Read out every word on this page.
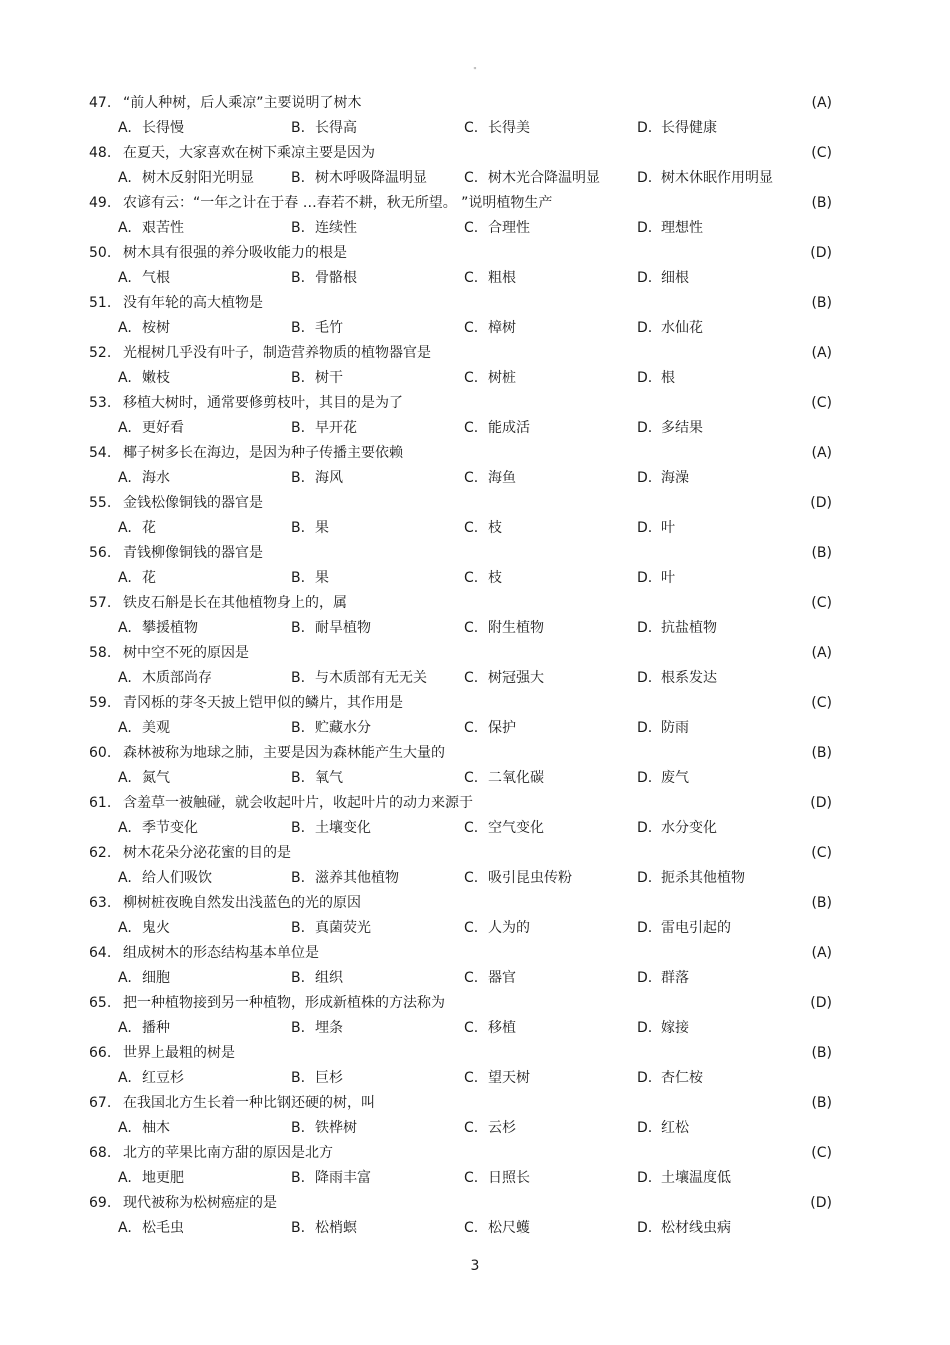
"
47. “前人种树，后人乘凉”主要说明了树木	(A)
A. 长得慢	B. 长得高	C. 长得美	D. 长得健康
48. 在夏天，大家喜欢在树下乘凉主要是因为	(C)
A. 树木反射阳光明显	B. 树木呼吸降温明显	C. 树木光合降温明显	D. 树木休眠作用明显
49. 农谚有云：“一年之计在于春 …春若不耕，秋无所望。 ”说明植物生产	(B)
A. 艰苦性	B. 连续性	C. 合理性	D. 理想性
50. 树木具有很强的养分吸收能力的根是	(D)
A. 气根	B. 骨骼根	C. 粗根	D. 细根
51. 没有年轮的高大植物是	(B)
A. 桉树	B. 毛竹	C. 樟树	D. 水仙花
52. 光棍树几乎没有叶子，制造营养物质的植物器官是	(A)
A. 嫩枝	B. 树干	C. 树桩	D. 根
53. 移植大树时，通常要修剪枝叶，其目的是为了	(C)
A. 更好看	B. 早开花	C. 能成活	D. 多结果
54. 椰子树多长在海边，是因为种子传播主要依赖	(A)
A. 海水	B. 海风	C. 海鱼	D. 海澡
55. 金钱松像铜钱的器官是	(D)
A. 花	B. 果	C. 枝	D. 叶
56. 青钱柳像铜钱的器官是	(B)
A. 花	B. 果	C. 枝	D. 叶
57. 铁皮石斛是长在其他植物身上的，属	(C)
A. 攀援植物	B. 耐旱植物	C. 附生植物	D. 抗盐植物
58. 树中空不死的原因是	(A)
A. 木质部尚存	B. 与木质部有无无关	C. 树冠强大	D. 根系发达
59. 青冈栎的芽冬天披上铠甲似的鳞片，其作用是	(C)
A. 美观	B. 贮藏水分	C. 保护	D. 防雨
60. 森林被称为地球之肺，主要是因为森林能产生大量的	(B)
A. 氮气	B. 氧气	C. 二氧化碳	D. 废气
61. 含羞草一被触碰，就会收起叶片，收起叶片的动力来源于	(D)
A. 季节变化	B. 土壤变化	C. 空气变化	D. 水分变化
62. 树木花朵分泌花蜜的目的是	(C)
A. 给人们吸饮	B. 滋养其他植物	C. 吸引昆虫传粉	D. 扼杀其他植物
63. 柳树桩夜晚自然发出浅蓝色的光的原因	(B)
A. 鬼火	B. 真菌荧光	C. 人为的	D. 雷电引起的
64. 组成树木的形态结构基本单位是	(A)
A. 细胞	B. 组织	C. 器官	D. 群落
65. 把一种植物接到另一种植物，形成新植株的方法称为	(D)
A. 播种	B. 埋条	C. 移植	D. 嫁接
66. 世界上最粗的树是	(B)
A. 红豆杉	B. 巨杉	C. 望天树	D. 杏仁桉
67. 在我国北方生长着一种比钢还硬的树，叫	(B)
A. 柚木	B. 铁桦树	C. 云杉	D. 红松
68. 北方的苹果比南方甜的原因是北方	(C)
A. 地更肥	B. 降雨丰富	C. 日照长	D. 土壤温度低
69. 现代被称为松树癌症的是	(D)
A. 松毛虫	B. 松梢螟	C. 松尺蠖	D. 松材线虫病
3
